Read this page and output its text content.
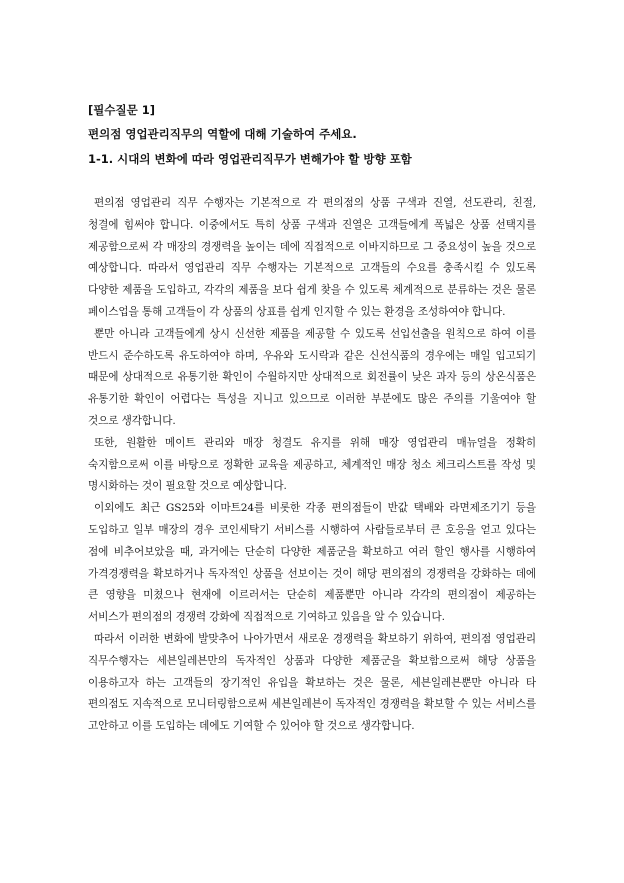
[필수질문 1]

편의점 영업관리직무의 역할에 대해 기술하여 주세요.

1-1. 시대의 변화에 따라 영업관리직무가 변해가야 할 방향 포함

편의점 영업관리 직무 수행자는 기본적으로 각 편의점의 상품 구색과 진열, 선도관리, 친절, 청결에 힘써야 합니다. 이중에서도 특히 상품 구색과 진열은 고객들에게 폭넓은 상품 선택지를 제공함으로써 각 매장의 경쟁력을 높이는 데에 직접적으로 이바지하므로 그 중요성이 높을 것으로 예상합니다. 따라서 영업관리 직무 수행자는 기본적으로 고객들의 수요를 충족시킬 수 있도록 다양한 제품을 도입하고, 각각의 제품을 보다 쉽게 찾을 수 있도록 체계적으로 분류하는 것은 물론 페이스업을 통해 고객들이 각 상품의 상표를 쉽게 인지할 수 있는 환경을 조성하여야 합니다.

뿐만 아니라 고객들에게 상시 신선한 제품을 제공할 수 있도록 선입선출을 원칙으로 하여 이를 반드시 준수하도록 유도하여야 하며, 우유와 도시락과 같은 신선식품의 경우에는 매일 입고되기 때문에 상대적으로 유통기한 확인이 수월하지만 상대적으로 회전률이 낮은 과자 등의 상온식품은 유통기한 확인이 어렵다는 특성을 지니고 있으므로 이러한 부분에도 많은 주의를 기울여야 할 것으로 생각합니다.

또한, 원활한 메이트 관리와 매장 청결도 유지를 위해 매장 영업관리 매뉴얼을 정확히 숙지함으로써 이를 바탕으로 정확한 교육을 제공하고, 체계적인 매장 청소 체크리스트를 작성 및 명시화하는 것이 필요할 것으로 예상합니다.

이외에도 최근 GS25와 이마트24를 비롯한 각종 편의점들이 반값 택배와 라면제조기기 등을 도입하고 일부 매장의 경우 코인세탁기 서비스를 시행하여 사람들로부터 큰 호응을 얻고 있다는 점에 비추어보았을 때, 과거에는 단순히 다양한 제품군을 확보하고 여러 할인 행사를 시행하여 가격경쟁력을 확보하거나 독자적인 상품을 선보이는 것이 해당 편의점의 경쟁력을 강화하는 데에 큰 영향을 미쳤으나 현재에 이르러서는 단순히 제품뿐만 아니라 각각의 편의점이 제공하는 서비스가 편의점의 경쟁력 강화에 직접적으로 기여하고 있음을 알 수 있습니다.

따라서 이러한 변화에 발맞추어 나아가면서 새로운 경쟁력을 확보하기 위하여, 편의점 영업관리 직무수행자는 세븐일레븐만의 독자적인 상품과 다양한 제품군을 확보함으로써 해당 상품을 이용하고자 하는 고객들의 장기적인 유입을 확보하는 것은 물론, 세븐일레븐뿐만 아니라 타 편의점도 지속적으로 모니터링함으로써 세븐일레븐이 독자적인 경쟁력을 확보할 수 있는 서비스를 고안하고 이를 도입하는 데에도 기여할 수 있어야 할 것으로 생각합니다.
